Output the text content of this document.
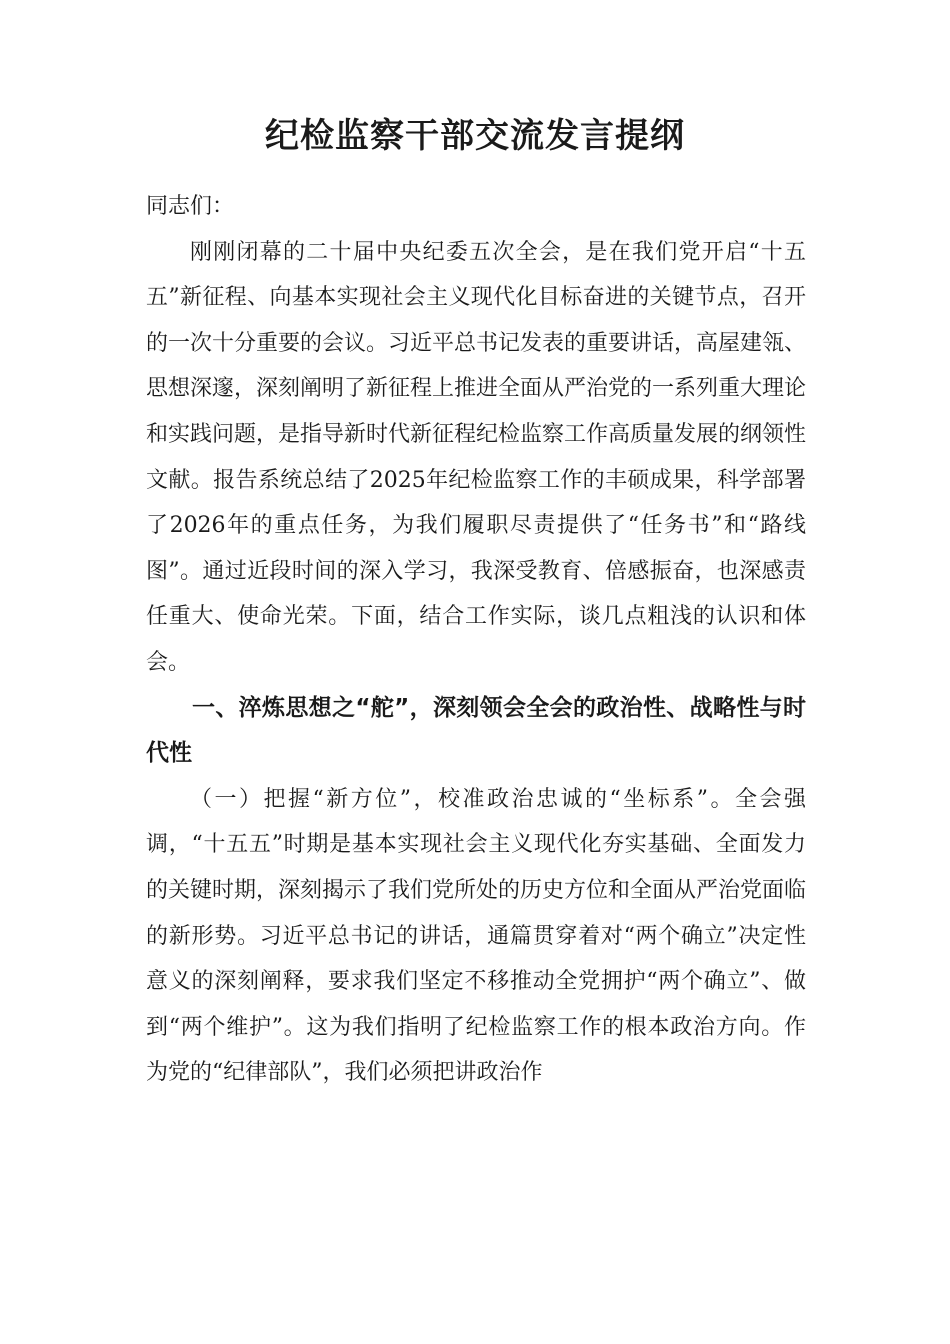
纪检监察干部交流发言提纲

同志们：

刚刚闭幕的二十届中央纪委五次全会，是在我们党开启“十五五”新征程、向基本实现社会主义现代化目标奋进的关键节点，召开的一次十分重要的会议。习近平总书记发表的重要讲话，高屋建瓴、思想深邃，深刻阐明了新征程上推进全面从严治党的一系列重大理论和实践问题，是指导新时代新征程纪检监察工作高质量发展的纲领性文献。报告系统总结了2025年纪检监察工作的丰硕成果，科学部署了2026年的重点任务，为我们履职尽责提供了“任务书”和“路线图”。通过近段时间的深入学习，我深受教育、倍感振奋，也深感责任重大、使命光荣。下面，结合工作实际，谈几点粗浅的认识和体会。

一、淬炼思想之“舵”，深刻领会全会的政治性、战略性与时代性

（一）把握“新方位”，校准政治忠诚的“坐标系”。全会强调，“十五五”时期是基本实现社会主义现代化夯实基础、全面发力的关键时期，深刻揭示了我们党所处的历史方位和全面从严治党面临的新形势。习近平总书记的讲话，通篇贯穿着对“两个确立”决定性意义的深刻阐释，要求我们坚定不移推动全党拥护“两个确立”、做到“两个维护”。这为我们指明了纪检监察工作的根本政治方向。作为党的“纪律部队”，我们必须把讲政治作
